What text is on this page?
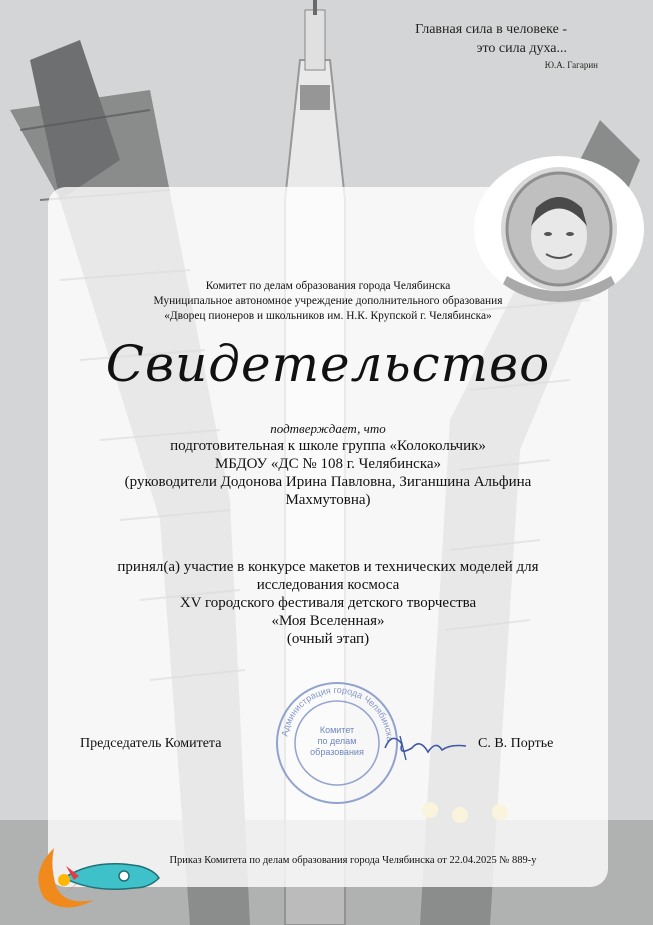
Главная сила в человеке -
это сила духа...
Ю.А. Гагарин
Комитет по делам образования города Челябинска
Муниципальное автономное учреждение дополнительного образования
«Дворец пионеров и школьников им. Н.К. Крупской г. Челябинска»
Свидетельство
подтверждает, что
подготовительная к школе группа «Колокольчик»
МБДОУ «ДС № 108 г. Челябинска»
(руководители Додонова Ирина Павловна, Зиганшина Альфина
Махмутовна)
принял(а) участие в конкурсе макетов и технических моделей для
исследования космоса
XV городского фестиваля детского творчества
«Моя Вселенная»
(очный этап)
Председатель Комитета	С. В. Портье
Администрация города Челябинска
Комитет
по делам
образования
Приказ Комитета по делам образования города Челябинска от 22.04.2025 № 889-у
